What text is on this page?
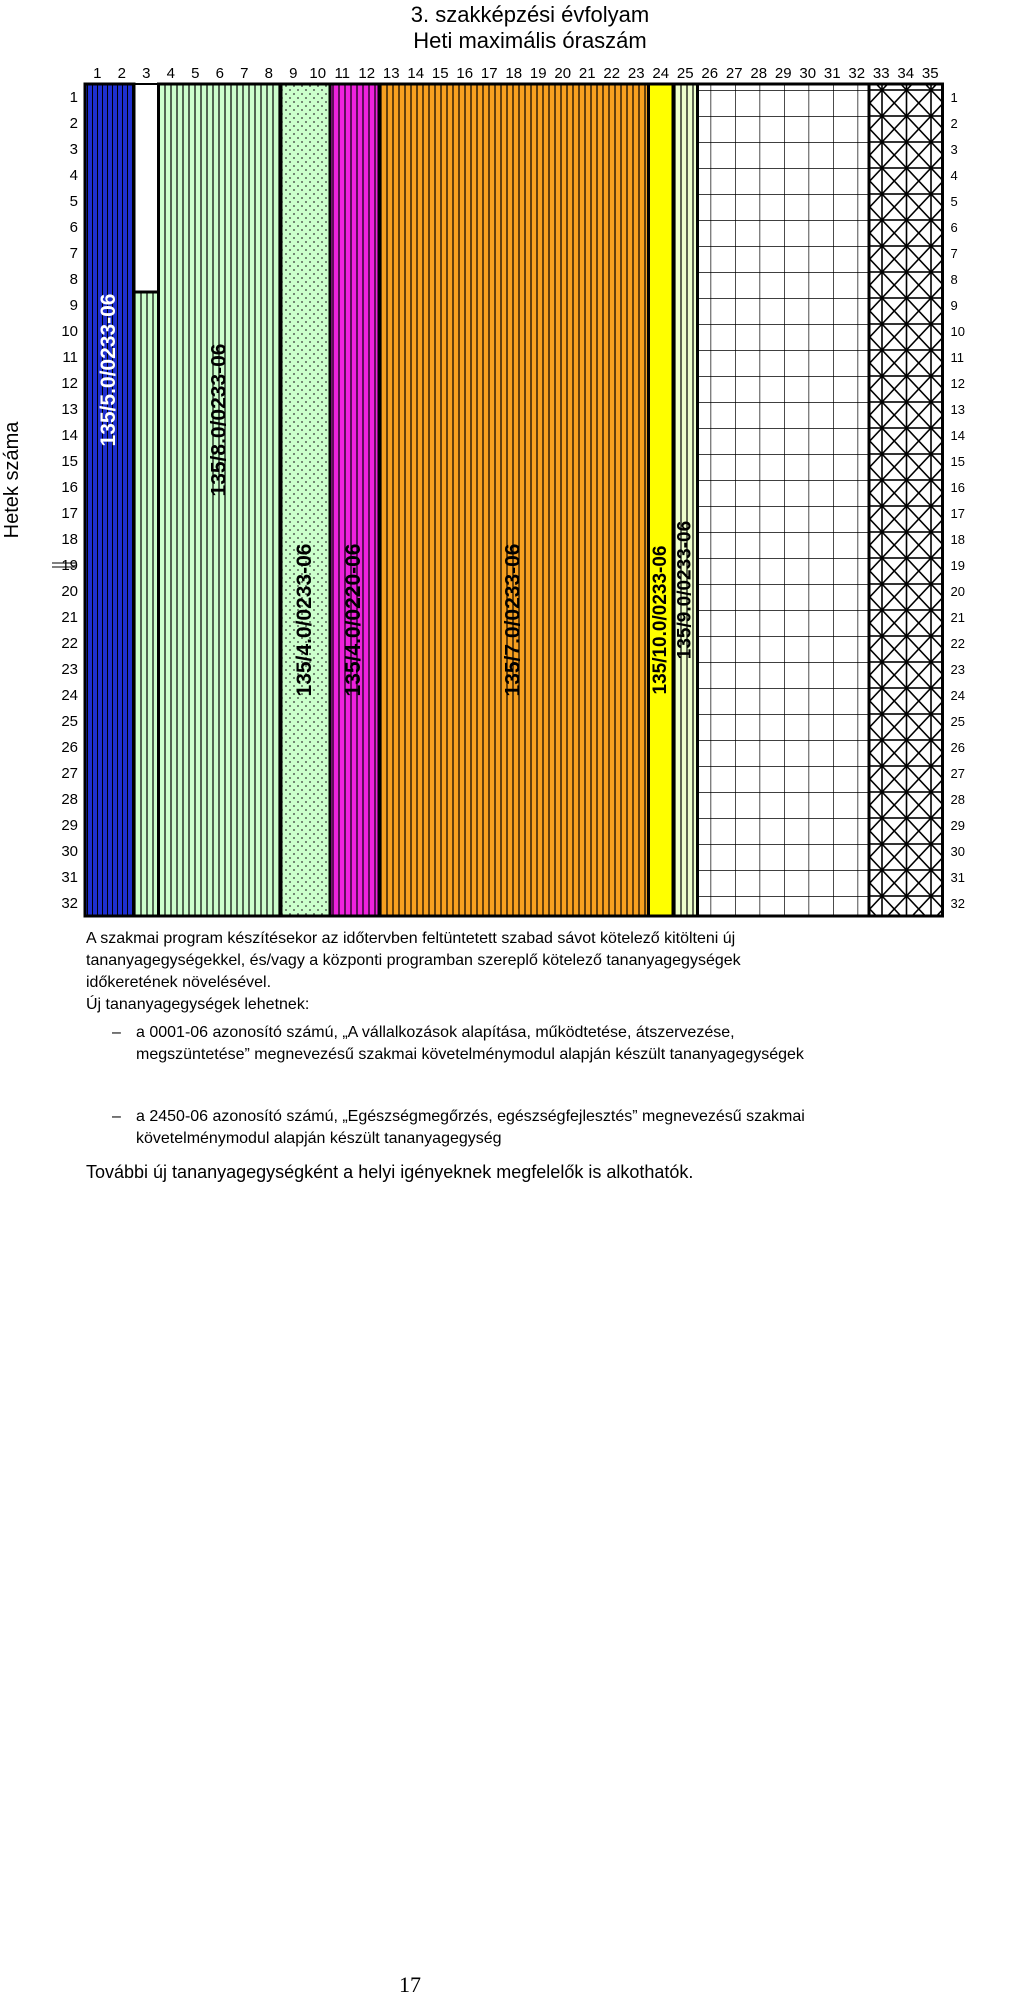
3. szakképzési évfolyam
Heti maximális óraszám
1 2 3 4 5 6 7 8 9 10 11 12 13 14 15 16 17 18 19 20 21 22 23 24 25 26 27 28 29 30 31 32 33 34 35
1
2
3
4
5
6
7
8
9
10
11
12
13
14
15
16
17
18
19
20
21
22
23
24
25
26
27
28
29
30
31
32
1
2
3
4
5
6
7
8
9
10
11
12
13
14
15
16
17
18
19
20
21
22
23
24
25
26
27
28
29
30
31
32
135/5.0/0233-06	135/8.0/0233-06
135/4.0/0233-06 135/4.0/0220-06	135/7.0/0233-06	135/10.0/0233-06 135/9.0/0233-06
Hetek száma
A szakmai program készítésekor az időtervben feltüntetett szabad sávot kötelező kitölteni új
tananyagegységekkel, és/vagy a központi programban szereplő kötelező tananyagegységek
időkeretének növelésével.
Új tananyagegységek lehetnek:
– a 0001-06 azonosító számú, „A vállalkozások alapítása, működtetése, átszervezése,
megszüntetése” megnevezésű szakmai követelménymodul alapján készült tananyagegységek
– a 2450-06 azonosító számú, „Egészségmegőrzés, egészségfejlesztés” megnevezésű szakmai
követelménymodul alapján készült tananyagegység
További új tananyagegységként a helyi igényeknek megfelelők is alkothatók.
17
